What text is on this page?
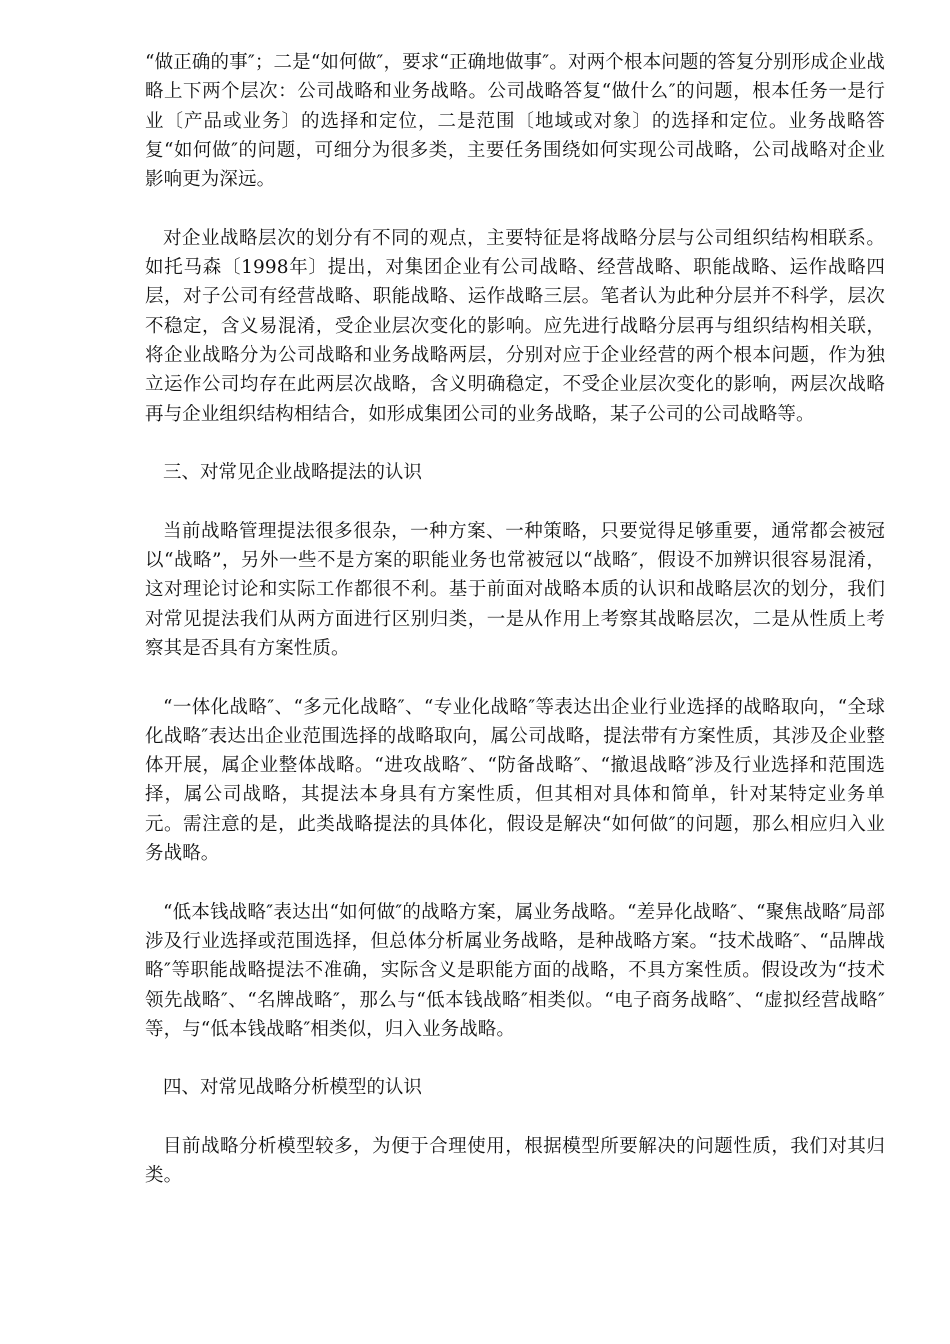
“做正确的事″；二是“如何做″，要求“正确地做事″。对两个根本问题的答复分别形成企业战略上下两个层次：公司战略和业务战略。公司战略答复“做什么″的问题，根本任务一是行业〔产品或业务〕的选择和定位，二是范围〔地域或对象〕的选择和定位。业务战略答复“如何做″的问题，可细分为很多类，主要任务围绕如何实现公司战略，公司战略对企业影响更为深远。

对企业战略层次的划分有不同的观点，主要特征是将战略分层与公司组织结构相联系。如托马森〔1998年〕提出，对集团企业有公司战略、经营战略、职能战略、运作战略四层，对子公司有经营战略、职能战略、运作战略三层。笔者认为此种分层并不科学，层次不稳定，含义易混淆，受企业层次变化的影响。应先进行战略分层再与组织结构相关联，将企业战略分为公司战略和业务战略两层，分别对应于企业经营的两个根本问题，作为独立运作公司均存在此两层次战略，含义明确稳定，不受企业层次变化的影响，两层次战略再与企业组织结构相结合，如形成集团公司的业务战略，某子公司的公司战略等。

三、对常见企业战略提法的认识

当前战略管理提法很多很杂，一种方案、一种策略，只要觉得足够重要，通常都会被冠以“战略”，另外一些不是方案的职能业务也常被冠以“战略″，假设不加辨识很容易混淆，这对理论讨论和实际工作都很不利。基于前面对战略本质的认识和战略层次的划分，我们对常见提法我们从两方面进行区别归类，一是从作用上考察其战略层次，二是从性质上考察其是否具有方案性质。

“一体化战略″、“多元化战略″、“专业化战略″等表达出企业行业选择的战略取向，“全球化战略″表达出企业范围选择的战略取向，属公司战略，提法带有方案性质，其涉及企业整体开展，属企业整体战略。“进攻战略″、“防备战略″、“撤退战略″涉及行业选择和范围选择，属公司战略，其提法本身具有方案性质，但其相对具体和简单，针对某特定业务单元。需注意的是，此类战略提法的具体化，假设是解决“如何做″的问题，那么相应归入业务战略。

“低本钱战略″表达出“如何做″的战略方案，属业务战略。“差异化战略″、“聚焦战略″局部涉及行业选择或范围选择，但总体分析属业务战略，是种战略方案。“技术战略″、“品牌战略″等职能战略提法不准确，实际含义是职能方面的战略，不具方案性质。假设改为“技术领先战略″、“名牌战略″，那么与“低本钱战略″相类似。“电子商务战略″、“虚拟经营战略″等，与“低本钱战略″相类似，归入业务战略。

四、对常见战略分析模型的认识

目前战略分析模型较多，为便于合理使用，根据模型所要解决的问题性质，我们对其归类。
